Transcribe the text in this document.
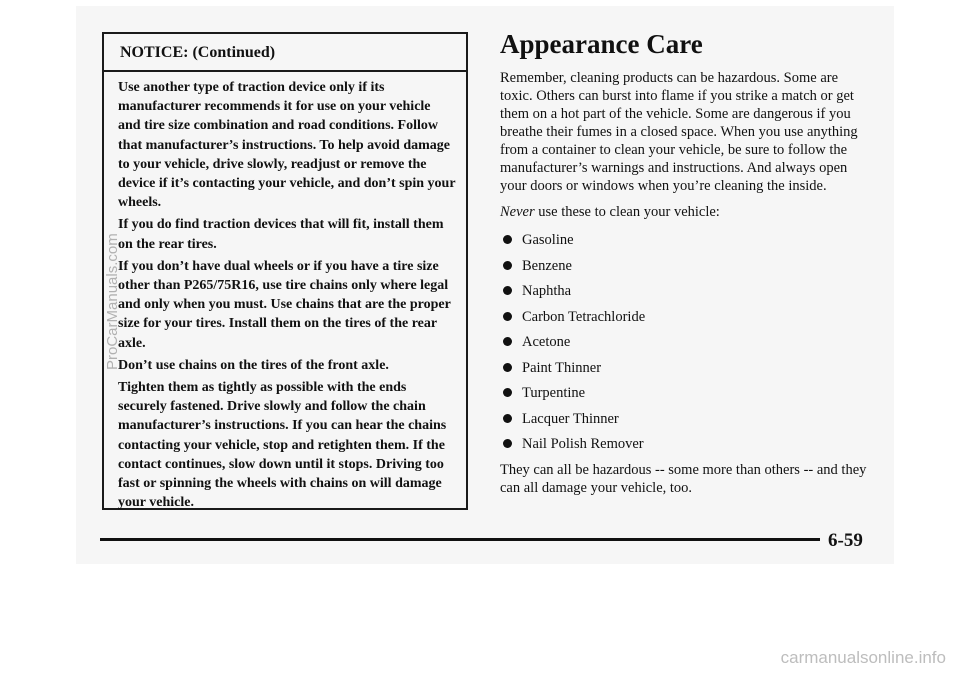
NOTICE: (Continued)

Use another type of traction device only if its manufacturer recommends it for use on your vehicle and tire size combination and road conditions. Follow that manufacturer’s instructions. To help avoid damage to your vehicle, drive slowly, readjust or remove the device if it’s contacting your vehicle, and don’t spin your wheels.

If you do find traction devices that will fit, install them on the rear tires.

If you don’t have dual wheels or if you have a tire size other than P265/75R16, use tire chains only where legal and only when you must. Use chains that are the proper size for your tires. Install them on the tires of the rear axle.

Don’t use chains on the tires of the front axle.

Tighten them as tightly as possible with the ends securely fastened. Drive slowly and follow the chain manufacturer’s instructions. If you can hear the chains contacting your vehicle, stop and retighten them. If the contact continues, slow down until it stops. Driving too fast or spinning the wheels with chains on will damage your vehicle.

Appearance Care

Remember, cleaning products can be hazardous. Some are toxic. Others can burst into flame if you strike a match or get them on a hot part of the vehicle. Some are dangerous if you breathe their fumes in a closed space. When you use anything from a container to clean your vehicle, be sure to follow the manufacturer’s warnings and instructions. And always open your doors or windows when you’re cleaning the inside.

Never use these to clean your vehicle:

Gasoline
Benzene
Naphtha
Carbon Tetrachloride
Acetone
Paint Thinner
Turpentine
Lacquer Thinner
Nail Polish Remover

They can all be hazardous -- some more than others -- and they can all damage your vehicle, too.

6-59
ProCarManuals.com
carmanualsonline.info
